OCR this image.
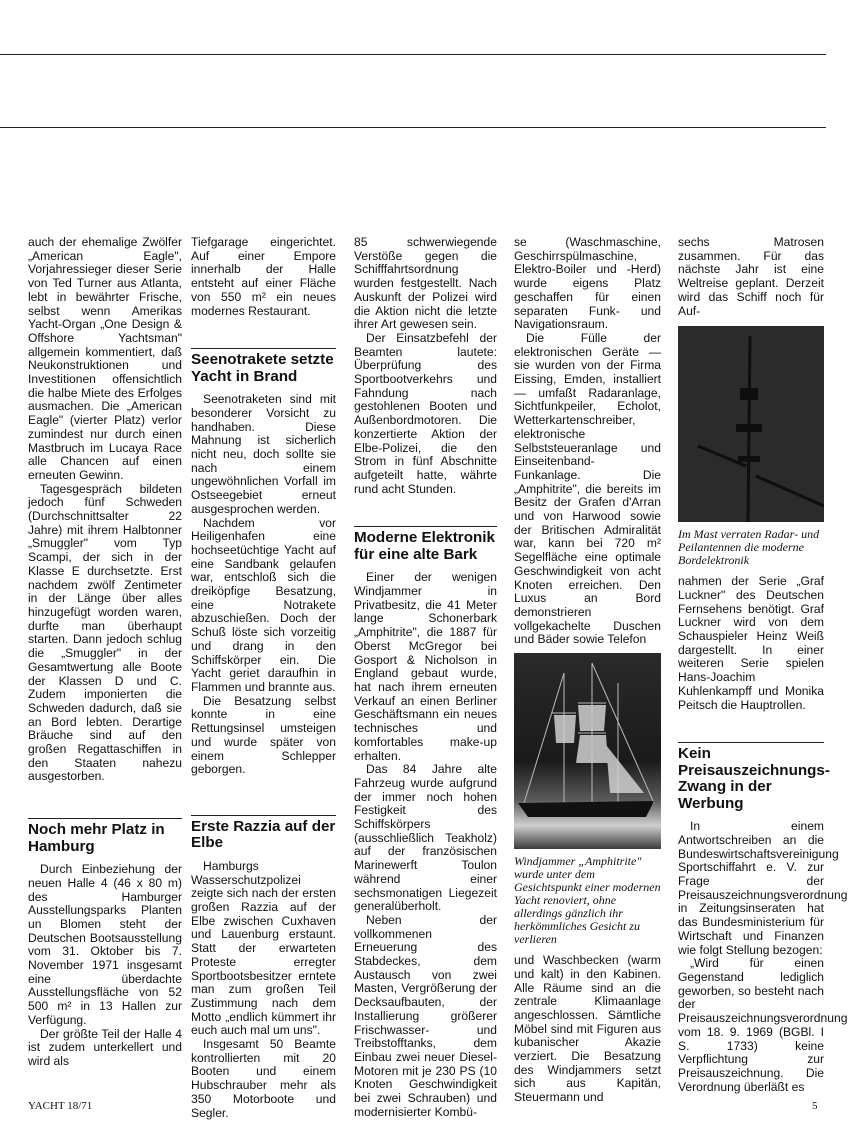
auch der ehemalige Zwölfer „American Eagle", Vorjahressieger dieser Serie von Ted Turner aus Atlanta, lebt in bewährter Frische, selbst wenn Amerikas Yacht-Organ „One Design & Offshore Yachtsman" allgemein kommentiert, daß Neukonstruktionen und Investitionen offensichtlich die halbe Miete des Erfolges ausmachen. Die „American Eagle" (vierter Platz) verlor zumindest nur durch einen Mastbruch im Lucaya Race alle Chancen auf einen erneuten Gewinn.

Tagesgespräch bildeten jedoch fünf Schweden (Durchschnittsalter 22 Jahre) mit ihrem Halbtonner „Smuggler" vom Typ Scampi, der sich in der Klasse E durchsetzte. Erst nachdem zwölf Zentimeter in der Länge über alles hinzugefügt worden waren, durfte man überhaupt starten. Dann jedoch schlug die „Smuggler" in der Gesamtwertung alle Boote der Klassen D und C. Zudem imponierten die Schweden dadurch, daß sie an Bord lebten. Derartige Bräuche sind auf den großen Regattaschiffen in den Staaten nahezu ausgestorben.

Noch mehr Platz in Hamburg

Durch Einbeziehung der neuen Halle 4 (46 x 80 m) des Hamburger Ausstellungsparks Planten un Blomen steht der Deutschen Bootsausstellung vom 31. Oktober bis 7. November 1971 insgesamt eine überdachte Ausstellungsfläche von 52 500 m² in 13 Hallen zur Verfügung.

Der größte Teil der Halle 4 ist zudem unterkellert und wird als

Tiefgarage eingerichtet. Auf einer Empore innerhalb der Halle entsteht auf einer Fläche von 550 m² ein neues modernes Restaurant.

Seenotrakete setzte Yacht in Brand

Seenotraketen sind mit besonderer Vorsicht zu handhaben. Diese Mahnung ist sicherlich nicht neu, doch sollte sie nach einem ungewöhnlichen Vorfall im Ostseegebiet erneut ausgesprochen werden.

Nachdem vor Heiligenhafen eine hochseetüchtige Yacht auf eine Sandbank gelaufen war, entschloß sich die dreiköpfige Besatzung, eine Notrakete abzuschießen. Doch der Schuß löste sich vorzeitig und drang in den Schiffskörper ein. Die Yacht geriet daraufhin in Flammen und brannte aus.

Die Besatzung selbst konnte in eine Rettungsinsel umsteigen und wurde später von einem Schlepper geborgen.

Erste Razzia auf der Elbe

Hamburgs Wasserschutzpolizei zeigte sich nach der ersten großen Razzia auf der Elbe zwischen Cuxhaven und Lauenburg erstaunt. Statt der erwarteten Proteste erregter Sportbootsbesitzer erntete man zum großen Teil Zustimmung nach dem Motto „endlich kümmert ihr euch auch mal um uns".

Insgesamt 50 Beamte kontrollierten mit 20 Booten und einem Hubschrauber mehr als 350 Motorboote und Segler.

85 schwerwiegende Verstöße gegen die Schifffahrtsordnung wurden festgestellt. Nach Auskunft der Polizei wird die Aktion nicht die letzte ihrer Art gewesen sein.

Der Einsatzbefehl der Beamten lautete: Überprüfung des Sportbootverkehrs und Fahndung nach gestohlenen Booten und Außenbordmotoren. Die konzertierte Aktion der Elbe-Polizei, die den Strom in fünf Abschnitte aufgeteilt hatte, währte rund acht Stunden.

Moderne Elektronik für eine alte Bark

Einer der wenigen Windjammer in Privatbesitz, die 41 Meter lange Schonerbark „Amphitrite", die 1887 für Oberst McGregor bei Gosport & Nicholson in England gebaut wurde, hat nach ihrem erneuten Verkauf an einen Berliner Geschäftsmann ein neues technisches und komfortables make-up erhalten.

Das 84 Jahre alte Fahrzeug wurde aufgrund der immer noch hohen Festigkeit des Schiffskörpers (ausschließlich Teakholz) auf der französischen Marinewerft Toulon während einer sechsmonatigen Liegezeit generalüberholt.

Neben der vollkommenen Erneuerung des Stabdeckes, dem Austausch von zwei Masten, Vergrößerung der Decksaufbauten, der Installierung größerer Frischwasser- und Treibstofftanks, dem Einbau zwei neuer Diesel-Motoren mit je 230 PS (10 Knoten Geschwindigkeit bei zwei Schrauben) und modernisierter Kombü-

se (Waschmaschine, Geschirrspülmaschine, Elektro-Boiler und -Herd) wurde eigens Platz geschaffen für einen separaten Funk- und Navigationsraum.

Die Fülle der elektronischen Geräte — sie wurden von der Firma Eissing, Emden, installiert — umfaßt Radaranlage, Sichtfunkpeiler, Echolot, Wetterkartenschreiber, elektronische Selbststeueranlage und Einseitenband-Funkanlage. Die „Amphitrite", die bereits im Besitz der Grafen d'Arran und von Harwood sowie der Britischen Admiralität war, kann bei 720 m² Segelfläche eine optimale Geschwindigkeit von acht Knoten erreichen. Den Luxus an Bord demonstrieren vollgekachelte Duschen und Bäder sowie Telefon

Windjammer „Amphitrite" wurde unter dem Gesichtspunkt einer modernen Yacht renoviert, ohne allerdings gänzlich ihr herkömmliches Gesicht zu verlieren

und Waschbecken (warm und kalt) in den Kabinen. Alle Räume sind an die zentrale Klimaanlage angeschlossen. Sämtliche Möbel sind mit Figuren aus kubanischer Akazie verziert. Die Besatzung des Windjammers setzt sich aus Kapitän, Steuermann und

sechs Matrosen zusammen. Für das nächste Jahr ist eine Weltreise geplant. Derzeit wird das Schiff noch für Auf-

Im Mast verraten Radar- und Peilantennen die moderne Bordelektronik

nahmen der Serie „Graf Luckner" des Deutschen Fernsehens benötigt. Graf Luckner wird von dem Schauspieler Heinz Weiß dargestellt. In einer weiteren Serie spielen Hans-Joachim Kuhlenkampff und Monika Peitsch die Hauptrollen.

Kein Preisauszeichnungs-Zwang in der Werbung

In einem Antwortschreiben an die Bundeswirtschaftsvereinigung Sportschiffahrt e. V. zur Frage der Preisauszeichnungsverordnung in Zeitungsinseraten hat das Bundesministerium für Wirtschaft und Finanzen wie folgt Stellung bezogen:

„Wird für einen Gegenstand lediglich geworben, so besteht nach der Preisauszeichnungsverordnung vom 18. 9. 1969 (BGBl. I S. 1733) keine Verpflichtung zur Preisauszeichnung. Die Verordnung überläßt es

YACHT 18/71	5
